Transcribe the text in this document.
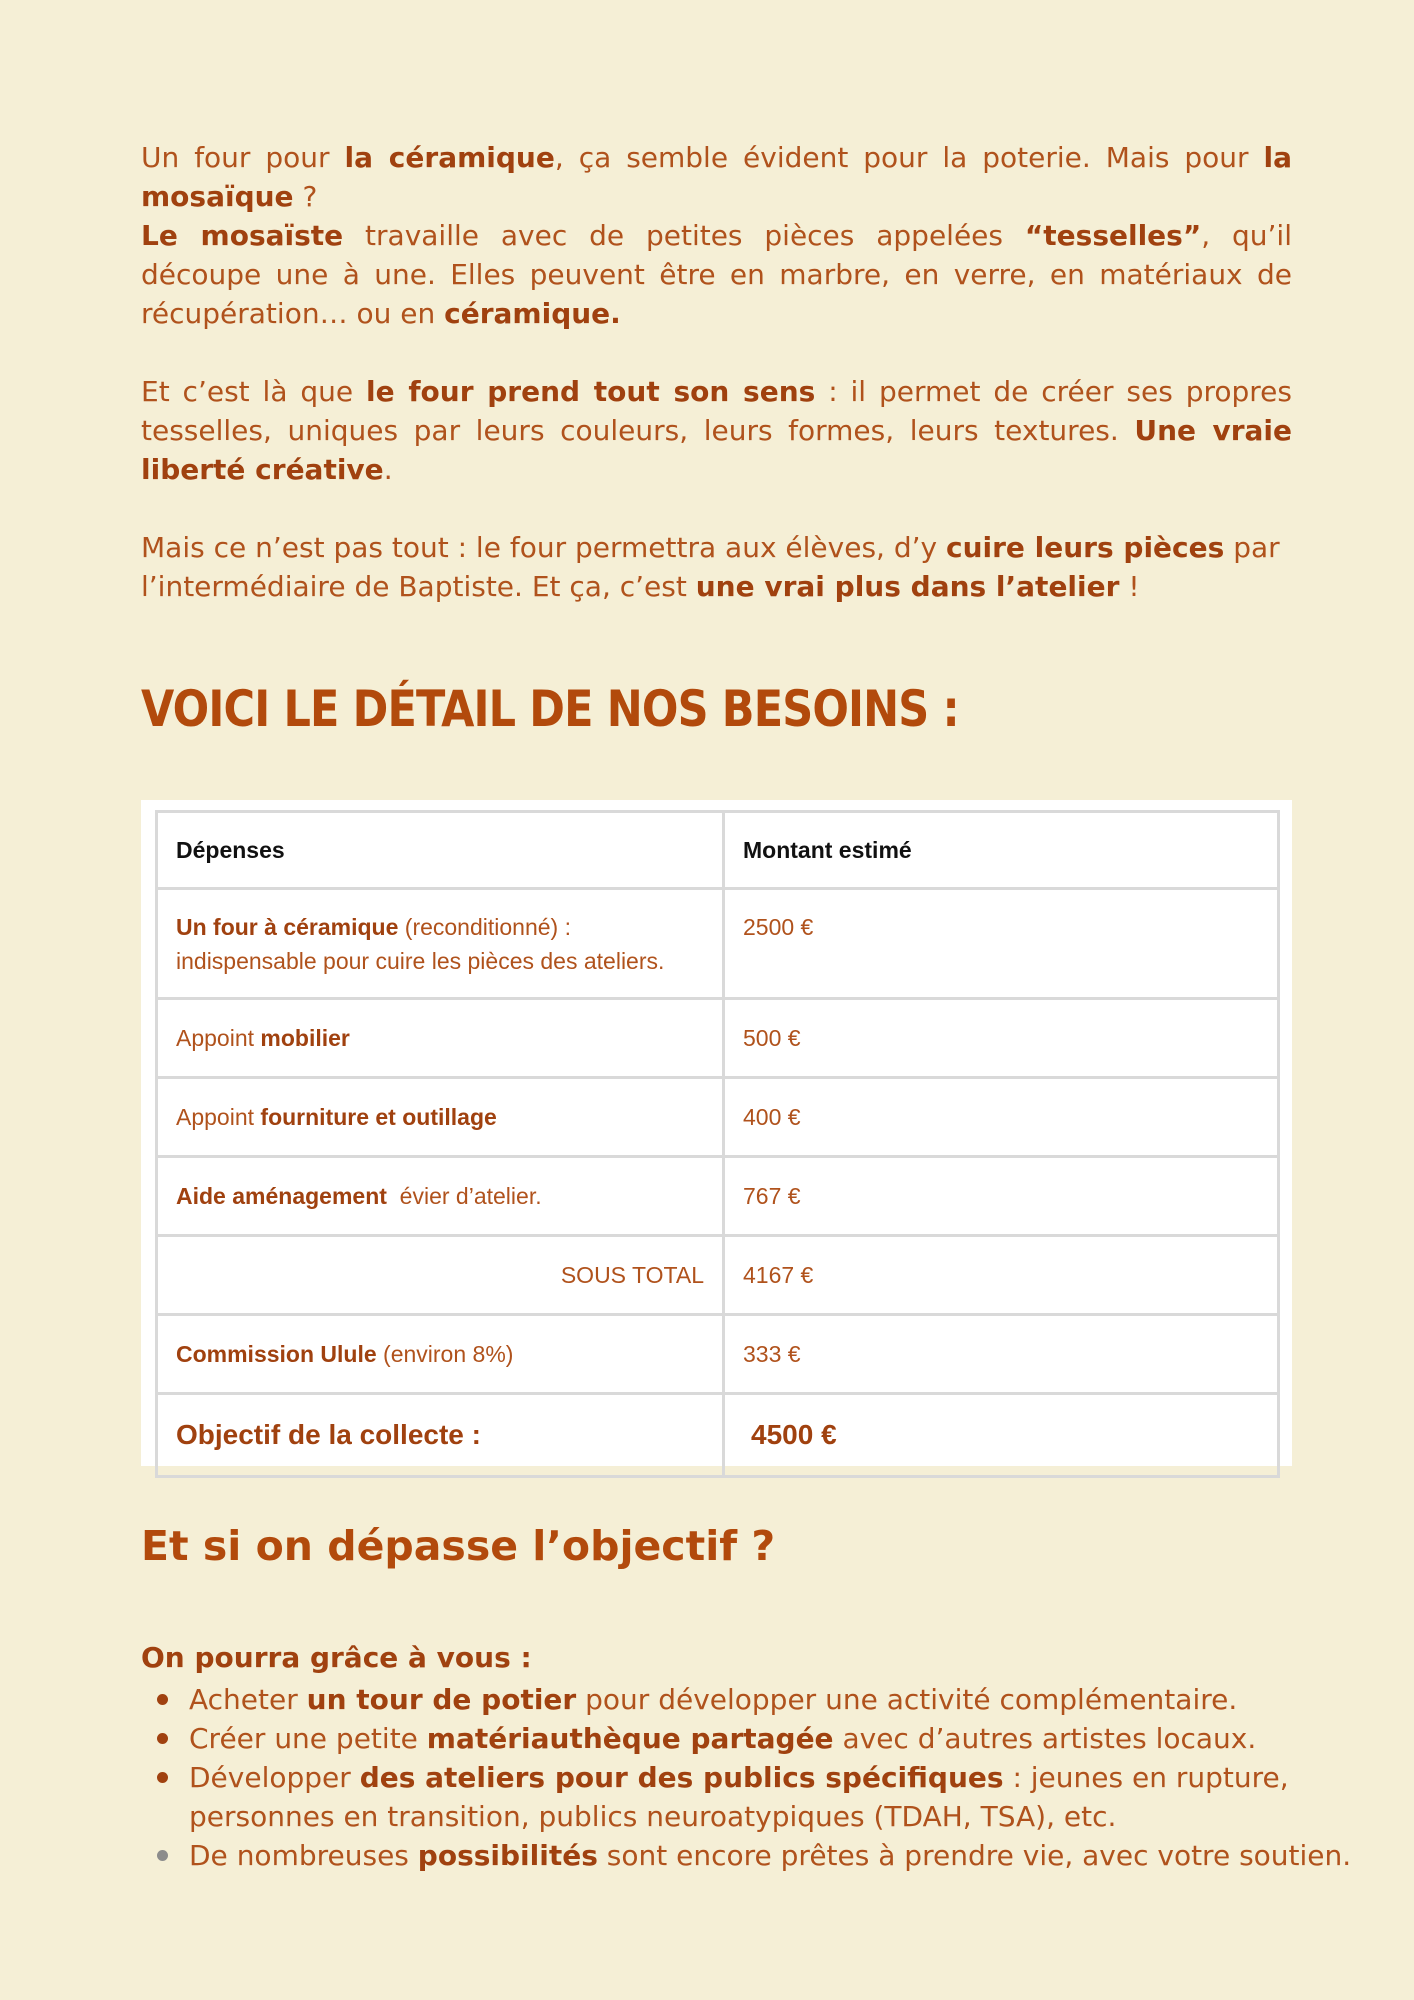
Un four pour la céramique, ça semble évident pour la poterie. Mais pour la mosaïque ?
Le mosaïste travaille avec de petites pièces appelées “tesselles”, qu’il découpe une à une. Elles peuvent être en marbre, en verre, en matériaux de récupération… ou en céramique.

Et c’est là que le four prend tout son sens : il permet de créer ses propres tesselles, uniques par leurs couleurs, leurs formes, leurs textures. Une vraie liberté créative.

Mais ce n’est pas tout : le four permettra aux élèves, d’y cuire leurs pièces par l’intermédiaire de Baptiste. Et ça, c’est une vrai plus dans l’atelier !

VOICI LE DÉTAIL DE NOS BESOINS :
Dépenses	Montant estimé
Un four à céramique (reconditionné) : indispensable pour cuire les pièces des ateliers.	2500 €
Appoint mobilier	500 €
Appoint fourniture et outillage	400 €
Aide aménagement  évier d’atelier.	767 €
SOUS TOTAL	4167 €
Commission Ulule (environ 8%)	333 €
Objectif de la collecte :	4500 €
Et si on dépasse l’objectif ?
On pourra grâce à vous :
Acheter un tour de potier pour développer une activité complémentaire.
Créer une petite matériauthèque partagée avec d’autres artistes locaux.
Développer des ateliers pour des publics spécifiques : jeunes en rupture, personnes en transition, publics neuroatypiques (TDAH, TSA), etc.
De nombreuses possibilités sont encore prêtes à prendre vie, avec votre soutien.
